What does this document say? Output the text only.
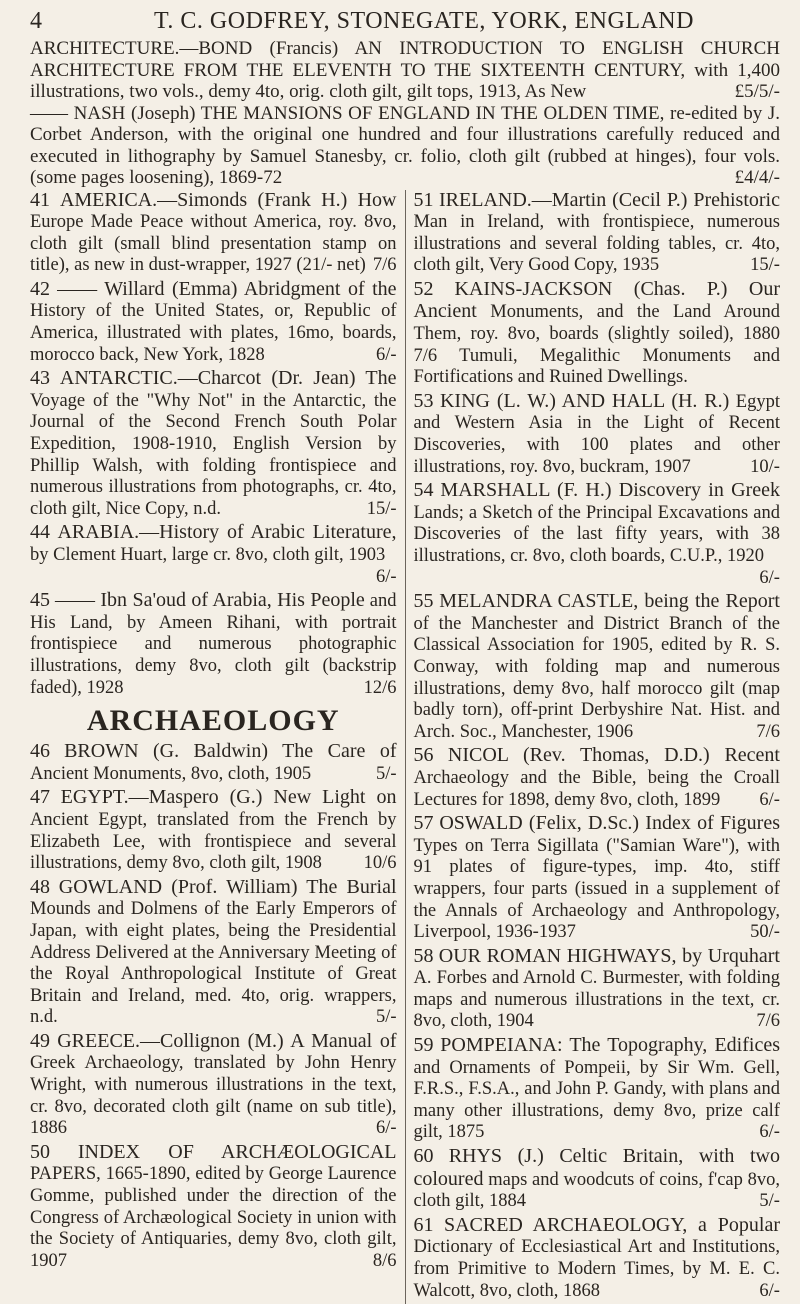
4	T. C. GODFREY, STONEGATE, YORK, ENGLAND

ARCHITECTURE.—BOND (Francis) AN INTRODUCTION TO ENGLISH CHURCH ARCHITECTURE FROM THE ELEVENTH TO THE SIXTEENTH CENTURY, with 1,400 illustrations, two vols., demy 4to, orig. cloth gilt, gilt tops, 1913, As New	£5/5/-

—— NASH (Joseph) THE MANSIONS OF ENGLAND IN THE OLDEN TIME, re-edited by J. Corbet Anderson, with the original one hundred and four illustrations carefully reduced and executed in lithography by Samuel Stanesby, cr. folio, cloth gilt (rubbed at hinges), four vols. (some pages loosening), 1869-72	£4/4/-

41 AMERICA.—Simonds (Frank H.) How Europe Made Peace without America, roy. 8vo, cloth gilt (small blind presentation stamp on title), as new in dust-wrapper, 1927 (21/- net) 7/6
42 —— Willard (Emma) Abridgment of the History of the United States, or, Republic of America, illustrated with plates, 16mo, boards, morocco back, New York, 1828	6/-
43 ANTARCTIC.—Charcot (Dr. Jean) The Voyage of the "Why Not" in the Antarctic, the Journal of the Second French South Polar Expedition, 1908-1910, English Version by Phillip Walsh, with folding frontispiece and numerous illustrations from photographs, cr. 4to, cloth gilt, Nice Copy, n.d.	15/-
44 ARABIA.—History of Arabic Literature, by Clement Huart, large cr. 8vo, cloth gilt, 1903
6/-
45 —— Ibn Sa'oud of Arabia, His People and His Land, by Ameen Rihani, with portrait frontispiece and numerous photographic illustrations, demy 8vo, cloth gilt (backstrip faded), 1928	12/6
ARCHAEOLOGY
46 BROWN (G. Baldwin) The Care of Ancient Monuments, 8vo, cloth, 1905	5/-
47 EGYPT.—Maspero (G.) New Light on Ancient Egypt, translated from the French by Elizabeth Lee, with frontispiece and several illustrations, demy 8vo, cloth gilt, 1908	10/6
48 GOWLAND (Prof. William) The Burial Mounds and Dolmens of the Early Emperors of Japan, with eight plates, being the Presidential Address Delivered at the Anniversary Meeting of the Royal Anthropological Institute of Great Britain and Ireland, med. 4to, orig. wrappers, n.d.	5/-
49 GREECE.—Collignon (M.) A Manual of Greek Archaeology, translated by John Henry Wright, with numerous illustrations in the text, cr. 8vo, decorated cloth gilt (name on sub title), 1886	6/-
50 INDEX OF ARCHÆOLOGICAL PAPERS, 1665-1890, edited by George Laurence Gomme, published under the direction of the Congress of Archæological Society in union with the Society of Antiquaries, demy 8vo, cloth gilt, 1907	8/6
51 IRELAND.—Martin (Cecil P.) Prehistoric Man in Ireland, with frontispiece, numerous illustrations and several folding tables, cr. 4to, cloth gilt, Very Good Copy, 1935	15/-
52 KAINS-JACKSON (Chas. P.) Our Ancient Monuments, and the Land Around Them, roy. 8vo, boards (slightly soiled), 1880 7/6 Tumuli, Megalithic Monuments and Fortifications and Ruined Dwellings.
53 KING (L. W.) AND HALL (H. R.) Egypt and Western Asia in the Light of Recent Discoveries, with 100 plates and other illustrations, roy. 8vo, buckram, 1907	10/-
54 MARSHALL (F. H.) Discovery in Greek Lands; a Sketch of the Principal Excavations and Discoveries of the last fifty years, with 38 illustrations, cr. 8vo, cloth boards, C.U.P., 1920
6/-
55 MELANDRA CASTLE, being the Report of the Manchester and District Branch of the Classical Association for 1905, edited by R. S. Conway, with folding map and numerous illustrations, demy 8vo, half morocco gilt (map badly torn), off-print Derbyshire Nat. Hist. and Arch. Soc., Manchester, 1906	7/6
56 NICOL (Rev. Thomas, D.D.) Recent Archaeology and the Bible, being the Croall Lectures for 1898, demy 8vo, cloth, 1899	6/-
57 OSWALD (Felix, D.Sc.) Index of Figures Types on Terra Sigillata ("Samian Ware"), with 91 plates of figure-types, imp. 4to, stiff wrappers, four parts (issued in a supplement of the Annals of Archaeology and Anthropology, Liverpool, 1936-1937	50/-
58 OUR ROMAN HIGHWAYS, by Urquhart A. Forbes and Arnold C. Burmester, with folding maps and numerous illustrations in the text, cr. 8vo, cloth, 1904	7/6
59 POMPEIANA: The Topography, Edifices and Ornaments of Pompeii, by Sir Wm. Gell, F.R.S., F.S.A., and John P. Gandy, with plans and many other illustrations, demy 8vo, prize calf gilt, 1875	6/-
60 RHYS (J.) Celtic Britain, with two coloured maps and woodcuts of coins, f'cap 8vo, cloth gilt, 1884	5/-
61 SACRED ARCHAEOLOGY, a Popular Dictionary of Ecclesiastical Art and Institutions, from Primitive to Modern Times, by M. E. C. Walcott, 8vo, cloth, 1868	6/-
